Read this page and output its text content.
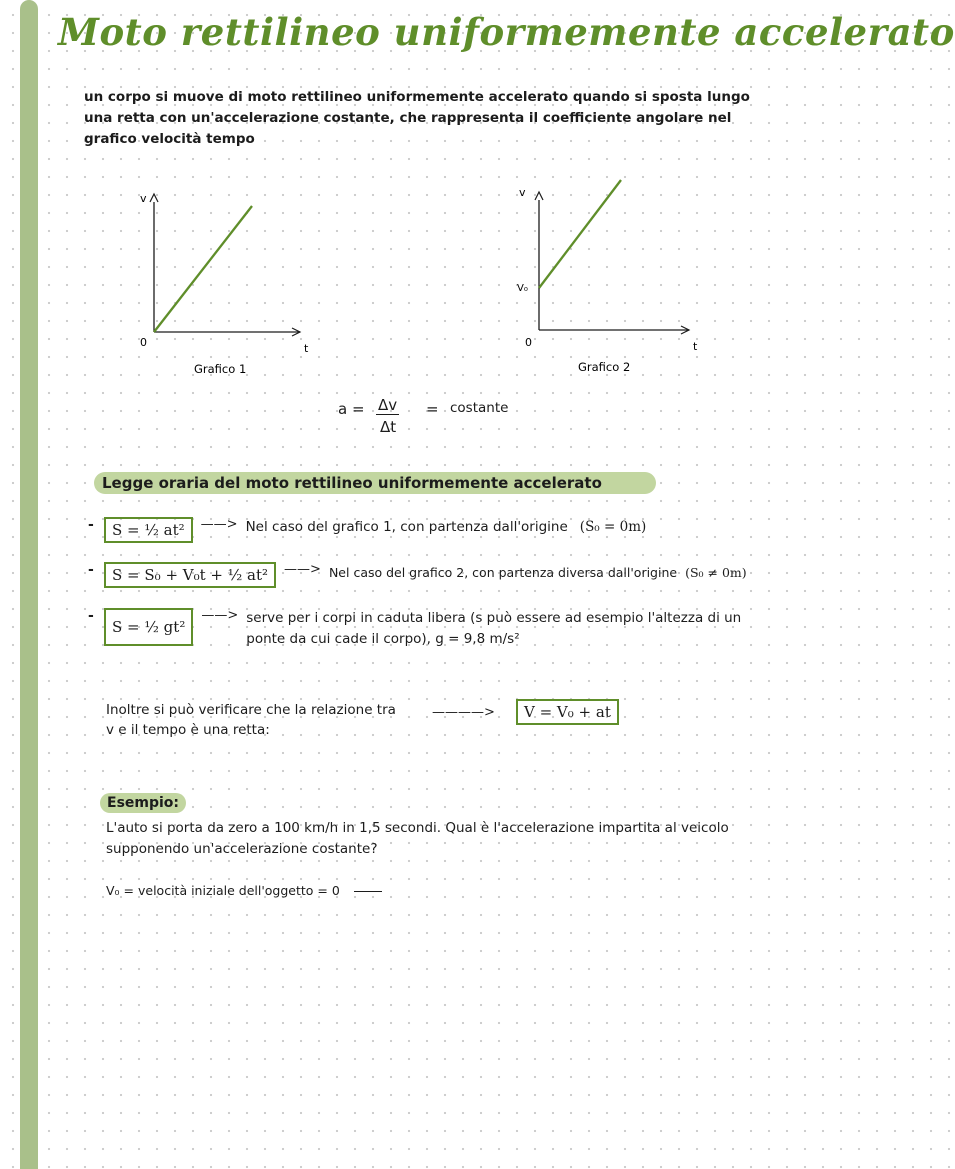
Moto rettilineo uniformemente accelerato
un corpo si muove di moto rettilineo uniformemente accelerato quando si sposta lungo una retta con un'accelerazione costante, che rappresenta il coefficiente angolare nel grafico velocità tempo
v
t
0
Grafico 1
v
t
0
V₀
Grafico 2
a = Δv
Δt
= costante
Legge oraria del moto rettilineo uniformemente accelerato
-	S = ½ at²	——> Nel caso del grafico 1, con partenza dall'origine (S₀ = 0m)
-	S = S₀ + V₀t + ½ at²	——> Nel caso del grafico 2, con partenza diversa dall'origine (S₀ ≠ 0m)
-
S = ½ gt²
——> serve per i corpi in caduta libera (s può essere ad esempio l'altezza di un ponte da cui cade il corpo), g = 9,8 m/s²
Inoltre si può verificare che la relazione tra v e il tempo è una retta:
————>	V = V₀ + at
Esempio:
L'auto si porta da zero a 100 km/h in 1,5 secondi. Qual è l'accelerazione impartita al veicolo supponendo un'accelerazione costante?
V₀ = velocità iniziale dell'oggetto = 0
